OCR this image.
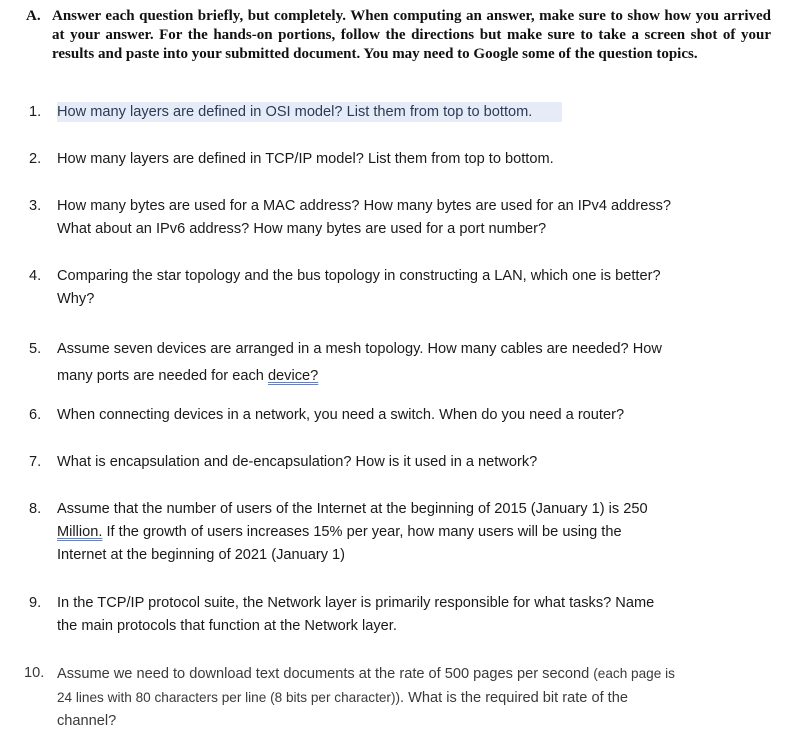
A. Answer each question briefly, but completely. When computing an answer, make sure to show how you arrived at your answer. For the hands-on portions, follow the directions but make sure to take a screen shot of your results and paste into your submitted document. You may need to Google some of the question topics.
1. How many layers are defined in OSI model? List them from top to bottom.
2. How many layers are defined in TCP/IP model? List them from top to bottom.
3. How many bytes are used for a MAC address? How many bytes are used for an IPv4 address?
What about an IPv6 address? How many bytes are used for a port number?
4. Comparing the star topology and the bus topology in constructing a LAN, which one is better?
Why?
5. Assume seven devices are arranged in a mesh topology. How many cables are needed? How
many ports are needed for each device?
6. When connecting devices in a network, you need a switch. When do you need a router?
7. What is encapsulation and de-encapsulation? How is it used in a network?
8. Assume that the number of users of the Internet at the beginning of 2015 (January 1) is 250
Million. If the growth of users increases 15% per year, how many users will be using the
Internet at the beginning of 2021 (January 1)
9. In the TCP/IP protocol suite, the Network layer is primarily responsible for what tasks? Name
the main protocols that function at the Network layer.
10. Assume we need to download text documents at the rate of 500 pages per second (each page is
24 lines with 80 characters per line (8 bits per character)). What is the required bit rate of the
channel?
